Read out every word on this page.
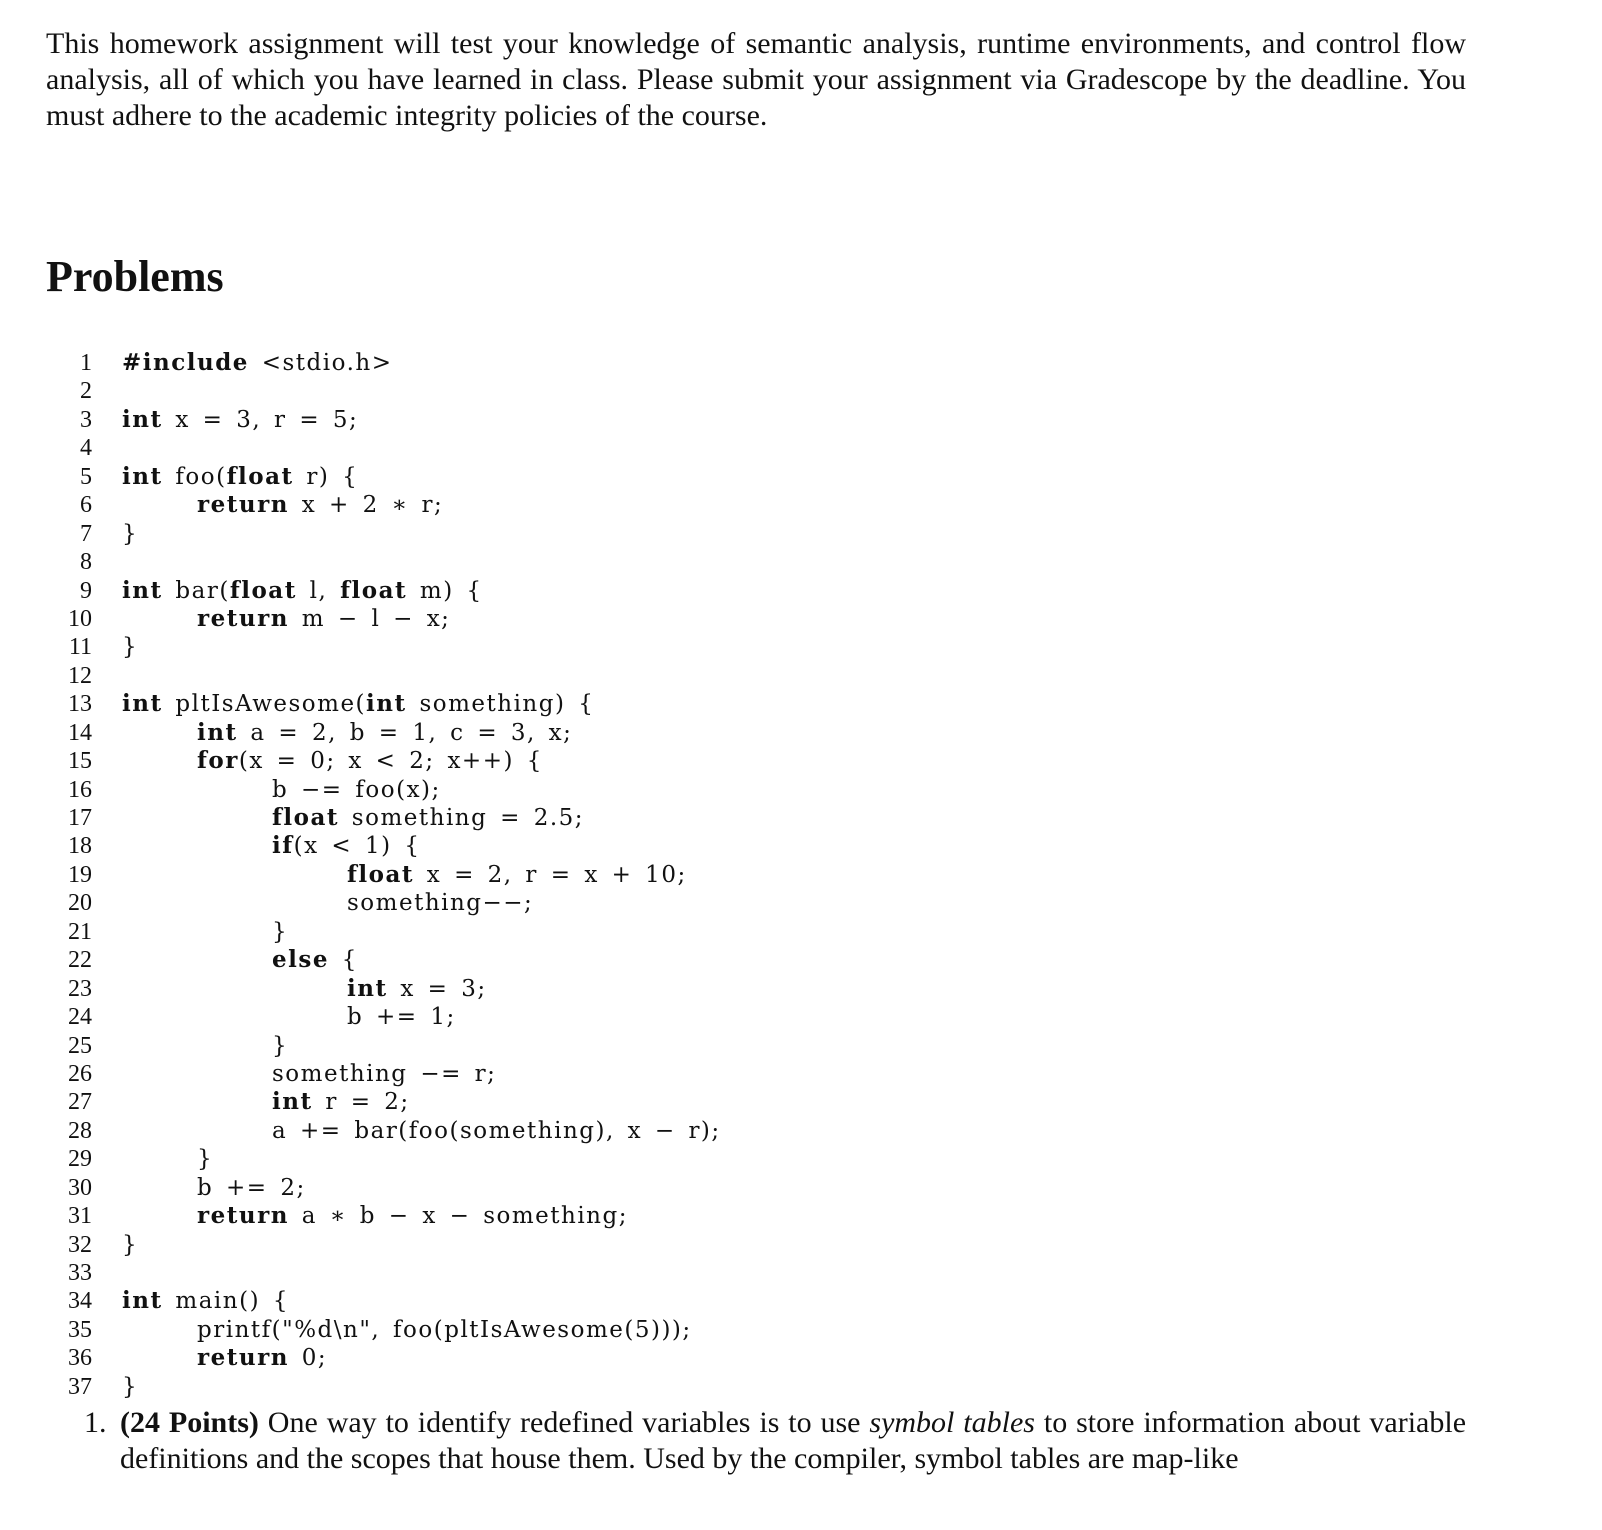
This homework assignment will test your knowledge of semantic analysis, runtime environments, and control flow analysis, all of which you have learned in class. Please submit your assignment via Gradescope by the deadline. You must adhere to the academic integrity policies of the course.

Problems
1 #include <stdio.h>
2
3 int x = 3, r = 5;
4
5 int foo(float r) {
6	return x + 2 ∗ r;
7 }
8
9 int bar(float l, float m) {
10	return m − l − x;
11 }
12
13 int pltIsAwesome(int something) {
14	int a = 2, b = 1, c = 3, x;
15	for(x = 0; x < 2; x++) {
16	b −= foo(x);
17	float something = 2.5;
18	if(x < 1) {
19	float x = 2, r = x + 10;
20	something−−;
21	}
22	else {
23	int x = 3;
24	b += 1;
25	}
26	something −= r;
27	int r = 2;
28	a += bar(foo(something), x − r);
29	}
30	b += 2;
31	return a ∗ b − x − something;
32 }
33
34 int main() {
35	printf("%d\n", foo(pltIsAwesome(5)));
36	return 0;
37 }
1. (24 Points) One way to identify redefined variables is to use symbol tables to store information about variable definitions and the scopes that house them. Used by the compiler, symbol tables are map-like
